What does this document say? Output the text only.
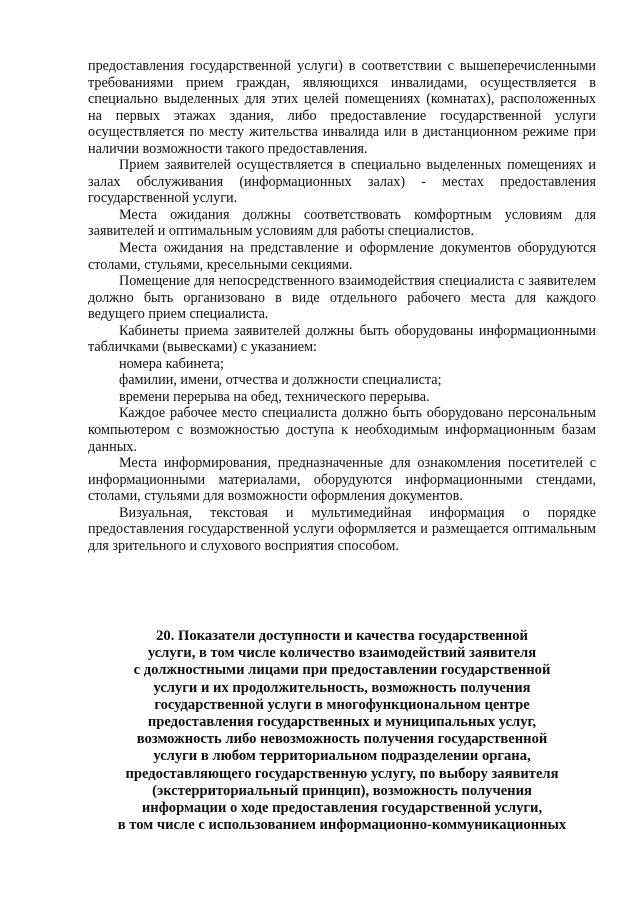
предоставления государственной услуги) в соответствии с вышеперечисленными требованиями прием граждан, являющихся инвалидами, осуществляется в специально выделенных для этих целей помещениях (комнатах), расположенных на первых этажах здания, либо предоставление государственной услуги осуществляется по месту жительства инвалида или в дистанционном режиме при наличии возможности такого предоставления.

Прием заявителей осуществляется в специально выделенных помещениях и залах обслуживания (информационных залах) - местах предоставления государственной услуги.

Места ожидания должны соответствовать комфортным условиям для заявителей и оптимальным условиям для работы специалистов.

Места ожидания на представление и оформление документов оборудуются столами, стульями, кресельными секциями.

Помещение для непосредственного взаимодействия специалиста с заявителем должно быть организовано в виде отдельного рабочего места для каждого ведущего прием специалиста.

Кабинеты приема заявителей должны быть оборудованы информационными табличками (вывесками) с указанием:

номера кабинета;

фамилии, имени, отчества и должности специалиста;

времени перерыва на обед, технического перерыва.

Каждое рабочее место специалиста должно быть оборудовано персональным компьютером с возможностью доступа к необходимым информационным базам данных.

Места информирования, предназначенные для ознакомления посетителей с информационными материалами, оборудуются информационными стендами, столами, стульями для возможности оформления документов.

Визуальная, текстовая и мультимедийная информация о порядке предоставления государственной услуги оформляется и размещается оптимальным для зрительного и слухового восприятия способом.

20. Показатели доступности и качества государственной
услуги, в том числе количество взаимодействий заявителя
с должностными лицами при предоставлении государственной
услуги и их продолжительность, возможность получения
государственной услуги в многофункциональном центре
предоставления государственных и муниципальных услуг,
возможность либо невозможность получения государственной
услуги в любом территориальном подразделении органа,
предоставляющего государственную услугу, по выбору заявителя
(экстерриториальный принцип), возможность получения
информации о ходе предоставления государственной услуги,
в том числе с использованием информационно-коммуникационных
